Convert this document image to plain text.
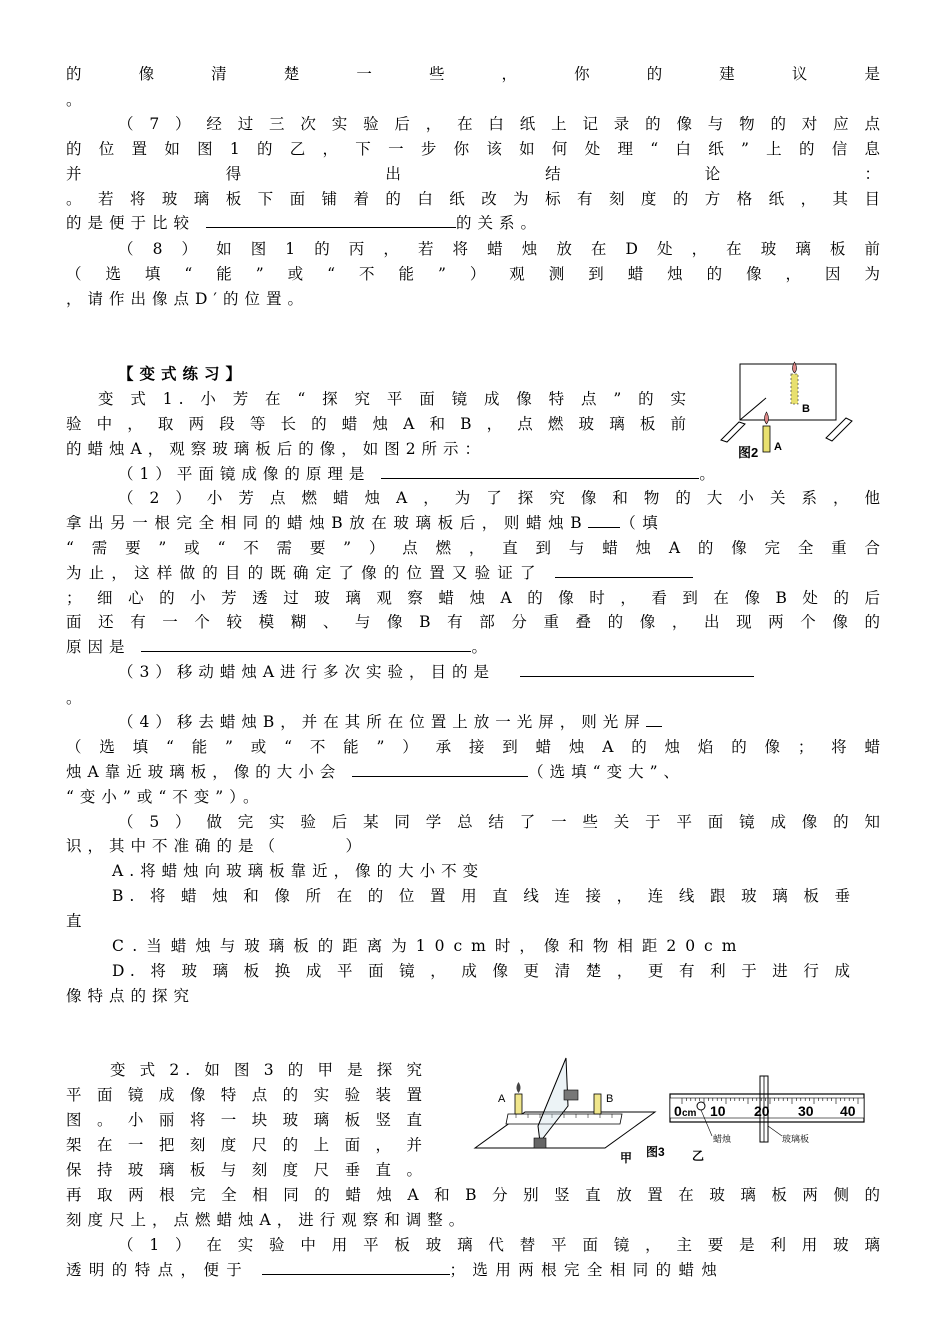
的像清楚一些，你的建议是
。
（7）经过三次实验后，在白纸上记录的像与物的对应点
的位置如图1的乙，下一步你该如何处理“白纸”上的信息
并得出结论：
。若将玻璃板下面铺着的白纸改为标有刻度的方格纸，其目
的是便于比较	的关系。
（8）如图1的丙，若将蜡烛放在D处，在玻璃板前
（选填“能”或“不能”）观测到蜡烛的像，因为
，请作出像点D′的位置。
【变式练习】
变式1.小芳在“探究平面镜成像特点”的实
验中，取两段等长的蜡烛A和B，点燃玻璃板前
的蜡烛A，观察玻璃板后的像，如图2所示：
B
A
图2
（1）平面镜成像的原理是	。
（2）小芳点燃蜡烛A，为了探究像和物的大小关系，他
拿出另一根完全相同的蜡烛B放在玻璃板后，则蜡烛B （填
“需要”或“不需要”）点燃，直到与蜡烛A的像完全重合
为止，这样做的目的既确定了像的位置又验证了
；细心的小芳透过玻璃观察蜡烛A的像时，看到在像B处的后
面还有一个较模糊、与像B有部分重叠的像，出现两个像的
原因是	。
（3）移动蜡烛A进行多次实验，目的是
。
（4）移去蜡烛B，并在其所在位置上放一光屏，则光屏
（选填“能”或“不能”）承接到蜡烛A的烛焰的像；将蜡
烛A靠近玻璃板，像的大小会	（选填“变大”、
“变小”或“不变”）。
（5）做完实验后某同学总结了一些关于平面镜成像的知
识，其中不准确的是（　　　）
A.将蜡烛向玻璃板靠近，像的大小不变
B.将蜡烛和像所在的位置用直线连接，连线跟玻璃板垂
直
C.当蜡烛与玻璃板的距离为10cm时，像和物相距20cm
D.将玻璃板换成平面镜，成像更清楚，更有利于进行成
像特点的探究
变式2.如图3的甲是探究
平面镜成像特点的实验装置
图。小丽将一块玻璃板竖直
架在一把刻度尺的上面，并
保持玻璃板与刻度尺垂直。
再取两根完全相同的蜡烛A和B分别竖直放置在玻璃板两侧的
刻度尺上，点燃蜡烛A，进行观察和调整。
（1）在实验中用平板玻璃代替平面镜，主要是利用玻璃
透明的特点，便于	；选用两根完全相同的蜡烛
A	B
甲 图3 乙
0 cm 10 20 30 40
蜡烛	玻璃板
